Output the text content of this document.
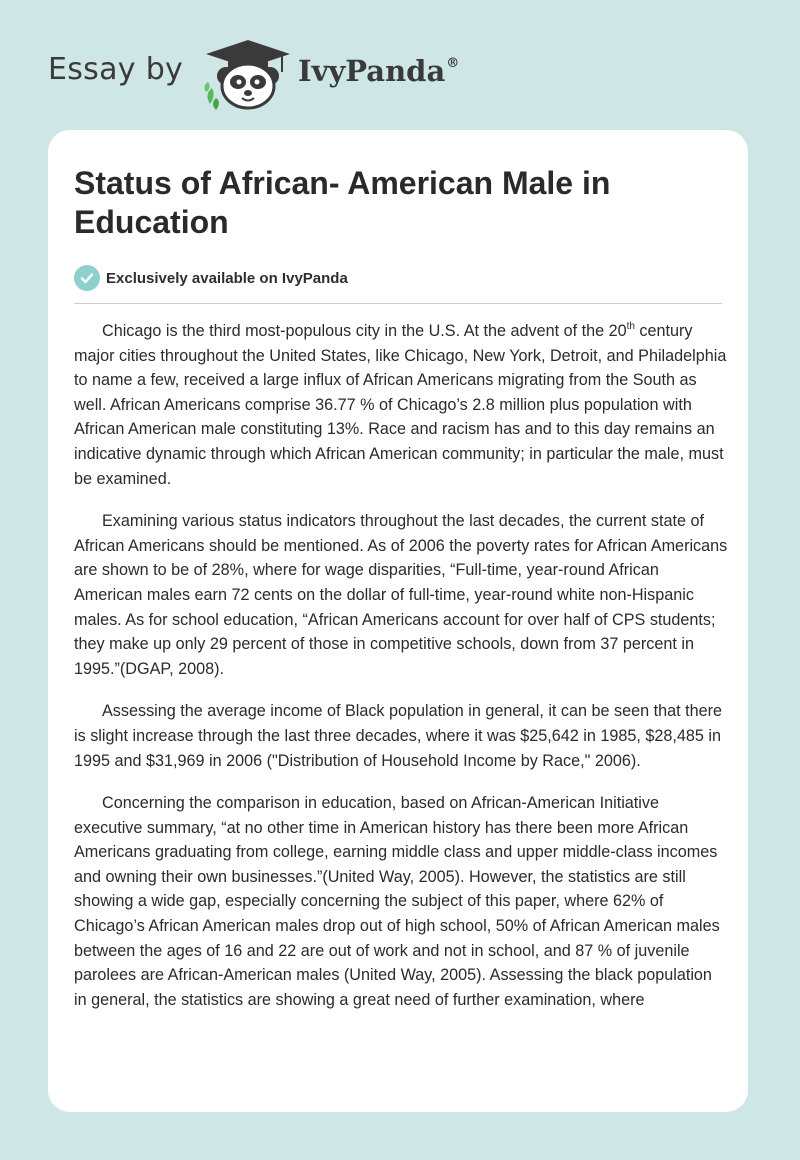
Essay by	IvyPanda®
Status of African- American Male in Education
Exclusively available on IvyPanda

Chicago is the third most-populous city in the U.S. At the advent of the 20th century major cities throughout the United States, like Chicago, New York, Detroit, and Philadelphia to name a few, received a large influx of African Americans migrating from the South as well. African Americans comprise 36.77 % of Chicago’s 2.8 million plus population with African American male constituting 13%. Race and racism has and to this day remains an indicative dynamic through which African American community; in particular the male, must be examined.

Examining various status indicators throughout the last decades, the current state of African Americans should be mentioned. As of 2006 the poverty rates for African Americans are shown to be of 28%, where for wage disparities, “Full-time, year-round African American males earn 72 cents on the dollar of full-time, year-round white non-Hispanic males. As for school education, “African Americans account for over half of CPS students; they make up only 29 percent of those in competitive schools, down from 37 percent in 1995.”(DGAP, 2008).

Assessing the average income of Black population in general, it can be seen that there is slight increase through the last three decades, where it was $25,642 in 1985, $28,485 in 1995 and $31,969 in 2006 ("Distribution of Household Income by Race," 2006).

Concerning the comparison in education, based on African-American Initiative executive summary, “at no other time in American history has there been more African Americans graduating from college, earning middle class and upper middle-class incomes and owning their own businesses.”(United Way, 2005). However, the statistics are still showing a wide gap, especially concerning the subject of this paper, where 62% of Chicago’s African American males drop out of high school, 50% of African American males between the ages of 16 and 22 are out of work and not in school, and 87 % of juvenile parolees are African-American males (United Way, 2005). Assessing the black population in general, the statistics are showing a great need of further examination, where
